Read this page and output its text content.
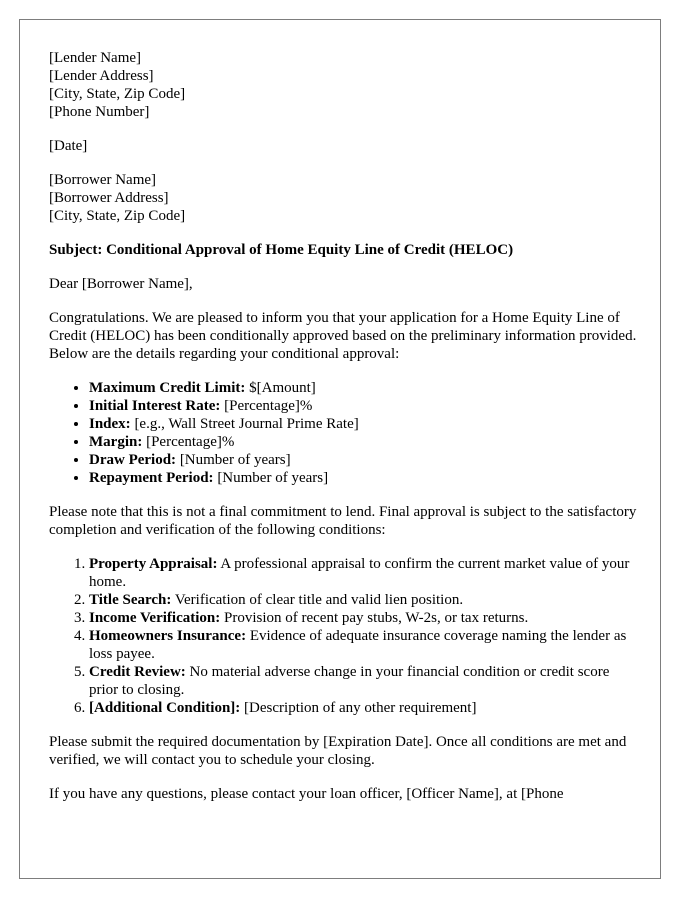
[Lender Name]
[Lender Address]
[City, State, Zip Code]
[Phone Number]

[Date]

[Borrower Name]
[Borrower Address]
[City, State, Zip Code]

Subject: Conditional Approval of Home Equity Line of Credit (HELOC)

Dear [Borrower Name],

Congratulations. We are pleased to inform you that your application for a Home Equity Line of Credit (HELOC) has been conditionally approved based on the preliminary information provided. Below are the details regarding your conditional approval:

• Maximum Credit Limit: $[Amount]
• Initial Interest Rate: [Percentage]%
• Index: [e.g., Wall Street Journal Prime Rate]
• Margin: [Percentage]%
• Draw Period: [Number of years]
• Repayment Period: [Number of years]

Please note that this is not a final commitment to lend. Final approval is subject to the satisfactory completion and verification of the following conditions:

1. Property Appraisal: A professional appraisal to confirm the current market value of your home.
2. Title Search: Verification of clear title and valid lien position.
3. Income Verification: Provision of recent pay stubs, W-2s, or tax returns.
4. Homeowners Insurance: Evidence of adequate insurance coverage naming the lender as loss payee.
5. Credit Review: No material adverse change in your financial condition or credit score prior to closing.
6. [Additional Condition]: [Description of any other requirement]

Please submit the required documentation by [Expiration Date]. Once all conditions are met and verified, we will contact you to schedule your closing.

If you have any questions, please contact your loan officer, [Officer Name], at [Phone
